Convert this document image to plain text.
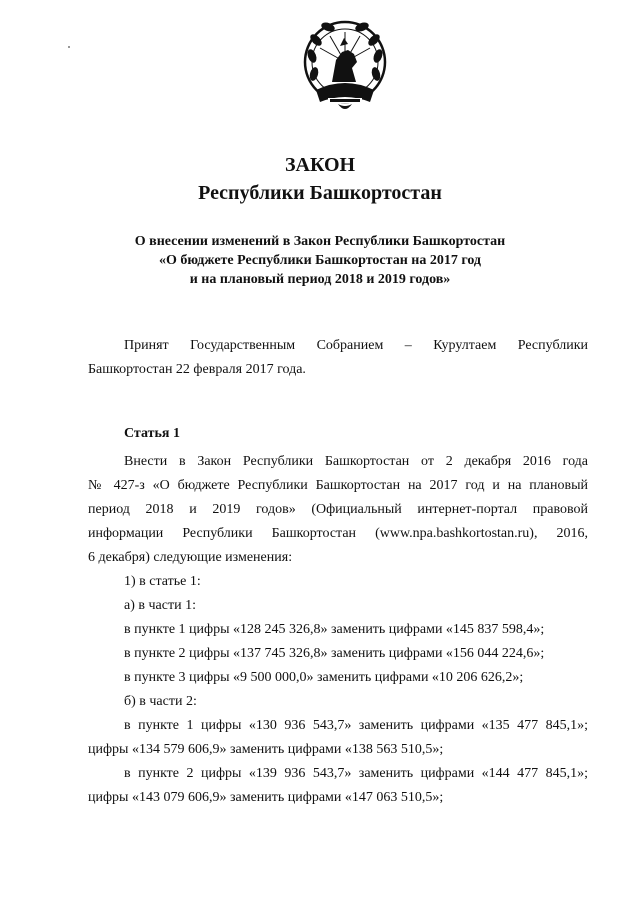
ЗАКОН
Республики Башкортостан
О внесении изменений в Закон Республики Башкортостан
«О бюджете Республики Башкортостан на 2017 год
и на плановый период 2018 и 2019 годов»
Принят Государственным Собранием – Курултаем Республики
Башкортостан 22 февраля 2017 года.
Статья 1
Внести в Закон Республики Башкортостан от 2 декабря 2016 года
№ 427-з «О бюджете Республики Башкортостан на 2017 год и на плановый
период 2018 и 2019 годов» (Официальный интернет-портал правовой
информации Республики Башкортостан (www.npa.bashkortostan.ru), 2016,
6 декабря) следующие изменения:
1) в статье 1:
а) в части 1:
в пункте 1 цифры «128 245 326,8» заменить цифрами «145 837 598,4»;
в пункте 2 цифры «137 745 326,8» заменить цифрами «156 044 224,6»;
в пункте 3 цифры «9 500 000,0» заменить цифрами «10 206 626,2»;
б) в части 2:
в пункте 1 цифры «130 936 543,7» заменить цифрами «135 477 845,1»;
цифры «134 579 606,9» заменить цифрами «138 563 510,5»;
в пункте 2 цифры «139 936 543,7» заменить цифрами «144 477 845,1»;
цифры «143 079 606,9» заменить цифрами «147 063 510,5»;
